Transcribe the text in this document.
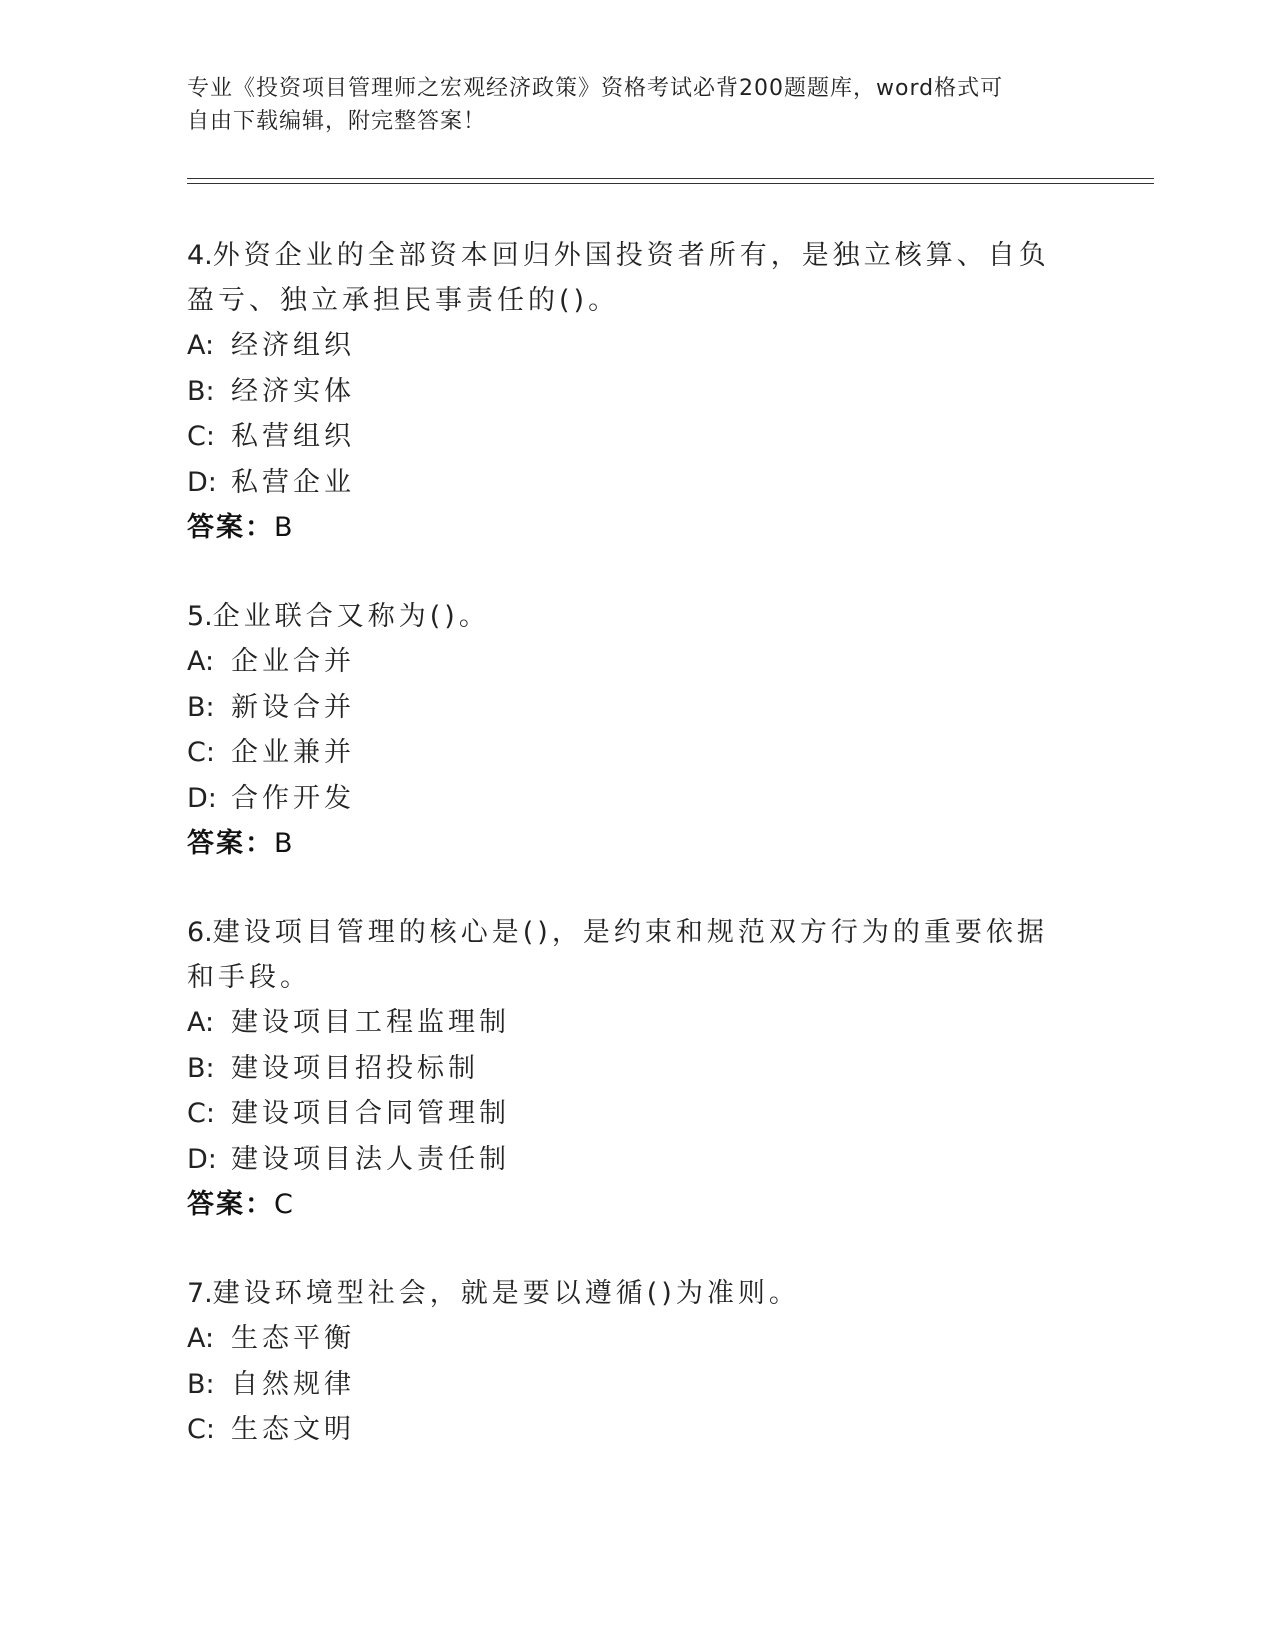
专业《投资项目管理师之宏观经济政策》资格考试必背200题题库，word格式可
自由下载编辑，附完整答案！
4.外资企业的全部资本回归外国投资者所有，是独立核算、自负盈亏、独立承担民事责任的()。
A: 经济组织
B: 经济实体
C: 私营组织
D: 私营企业
答案：B
5.企业联合又称为()。
A: 企业合并
B: 新设合并
C: 企业兼并
D: 合作开发
答案：B
6.建设项目管理的核心是()，是约束和规范双方行为的重要依据和手段。
A: 建设项目工程监理制
B: 建设项目招投标制
C: 建设项目合同管理制
D: 建设项目法人责任制
答案：C
7.建设环境型社会，就是要以遵循()为准则。
A: 生态平衡
B: 自然规律
C: 生态文明
